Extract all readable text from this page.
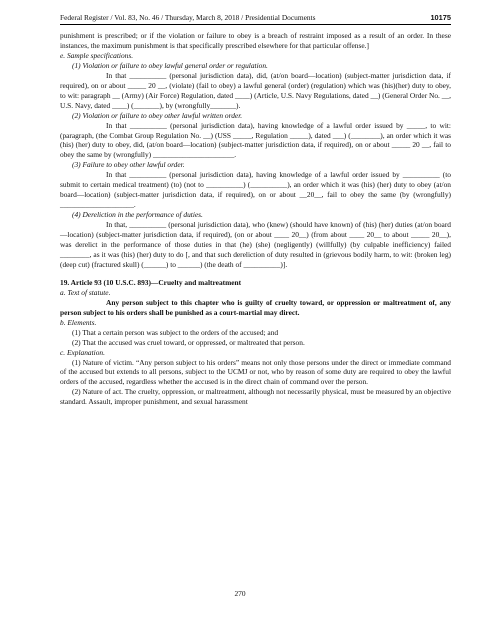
Federal Register / Vol. 83, No. 46 / Thursday, March 8, 2018 / Presidential Documents	10175

punishment is prescribed; or if the violation or failure to obey is a breach of restraint imposed as a result of an order. In these instances, the maximum punishment is that specifically prescribed elsewhere for that particular offense.]

e. Sample specifications.

(1) Violation or failure to obey lawful general order or regulation.

In that __________ (personal jurisdiction data), did, (at/on board—location) (subject-matter jurisdiction data, if required), on or about _____ 20 __, (violate) (fail to obey) a lawful general (order) (regulation) which was (his)(her) duty to obey, to wit: paragraph __ (Army) (Air Force) Regulation, dated ____) (Article, U.S. Navy Regulations, dated __) (General Order No. __, U.S. Navy, dated ____) (_______), by (wrongfully_______).

(2) Violation or failure to obey other lawful written order.

In that __________ (personal jurisdiction data), having knowledge of a lawful order issued by _____, to wit: (paragraph, (the Combat Group Regulation No. __) (USS _____, Regulation _____), dated ___) (________), an order which it was (his) (her) duty to obey, did, (at/on board—location) (subject-matter jurisdiction data, if required), on or about _____ 20 __, fail to obey the same by (wrongfully) ______________________.

(3) Failure to obey other lawful order.

In that __________ (personal jurisdiction data), having knowledge of a lawful order issued by __________ (to submit to certain medical treatment) (to) (not to __________) (__________), an order which it was (his) (her) duty to obey (at/on board—location) (subject-matter jurisdiction data, if required), on or about __20__, fail to obey the same (by (wrongfully) ____________________.

(4) Dereliction in the performance of duties.

In that, __________ (personal jurisdiction data), who (knew) (should have known) of (his) (her) duties (at/on board—location) (subject-matter jurisdiction data, if required), (on or about ____ 20__) (from about ____ 20__ to about _____ 20__), was derelict in the performance of those duties in that (he) (she) (negligently) (willfully) (by culpable inefficiency) failed ________, as it was (his) (her) duty to do [, and that such dereliction of duty resulted in (grievous bodily harm, to wit: (broken leg) (deep cut) (fractured skull) (______) to ______) (the death of __________)].

19. Article 93 (10 U.S.C. 893)—Cruelty and maltreatment

a. Text of statute.

Any person subject to this chapter who is guilty of cruelty toward, or oppression or maltreatment of, any person subject to his orders shall be punished as a court-martial may direct.

b. Elements.

(1) That a certain person was subject to the orders of the accused; and

(2) That the accused was cruel toward, or oppressed, or maltreated that person.

c. Explanation.

(1) Nature of victim. “Any person subject to his orders” means not only those persons under the direct or immediate command of the accused but extends to all persons, subject to the UCMJ or not, who by reason of some duty are required to obey the lawful orders of the accused, regardless whether the accused is in the direct chain of command over the person.

(2) Nature of act. The cruelty, oppression, or maltreatment, although not necessarily physical, must be measured by an objective standard. Assault, improper punishment, and sexual harassment

270
